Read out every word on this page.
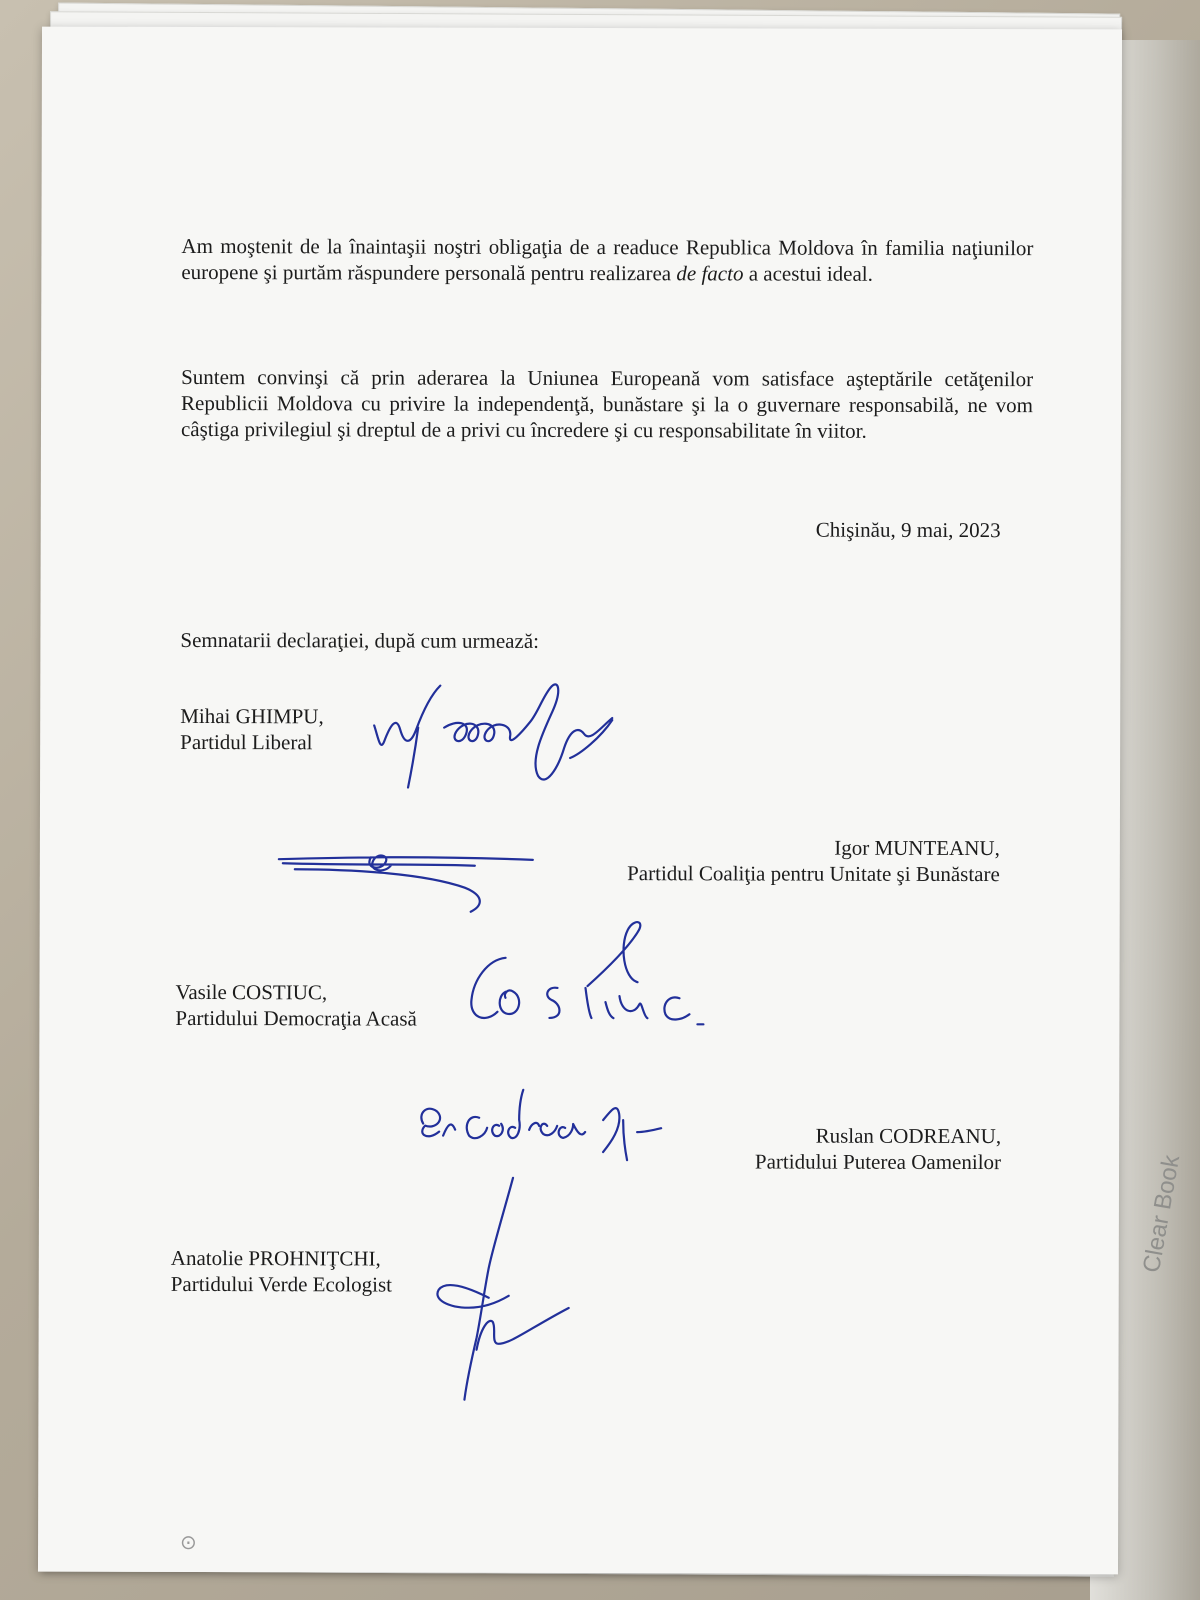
Clear Book

Am moştenit de la înaintaşii noştri obligaţia de a readuce Republica Moldova în familia naţiunilor europene şi purtăm răspundere personală pentru realizarea de facto a acestui ideal.

Suntem convinşi că prin aderarea la Uniunea Europeană vom satisface aşteptările cetăţenilor Republicii Moldova cu privire la independenţă, bunăstare şi la o guvernare responsabilă, ne vom câştiga privilegiul şi dreptul de a privi cu încredere şi cu responsabilitate în viitor.

Chişinău, 9 mai, 2023
Semnatarii declaraţiei, după cum urmează:
Mihai GHIMPU,
Partidul Liberal
Igor MUNTEANU,
Partidul Coaliţia pentru Unitate şi Bunăstare
Vasile COSTIUC,
Partidului Democraţia Acasă
Ruslan CODREANU,
Partidului Puterea Oamenilor
Anatolie PROHNIŢCHI,
Partidului Verde Ecologist
⊙
